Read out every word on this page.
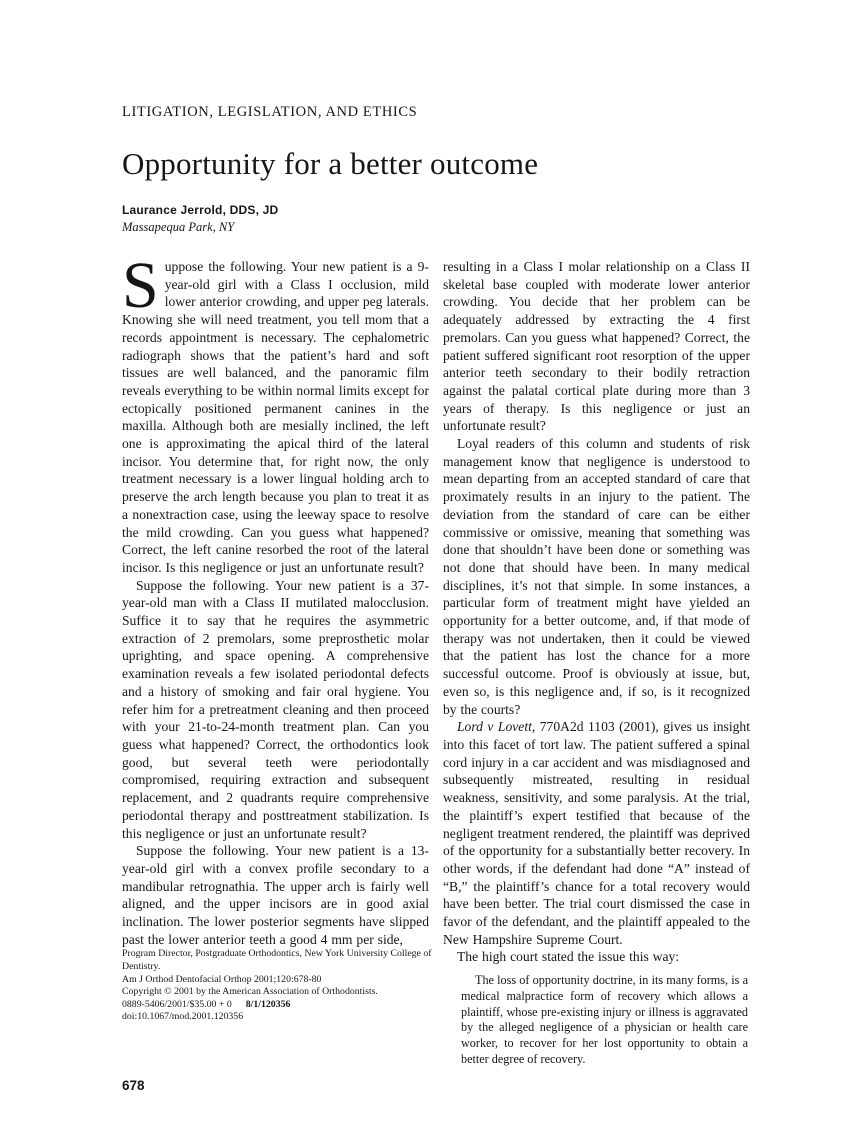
LITIGATION, LEGISLATION, AND ETHICS
Opportunity for a better outcome
Laurance Jerrold, DDS, JD
Massapequa Park, NY

Suppose the following. Your new patient is a 9-year-old girl with a Class I occlusion, mild lower anterior crowding, and upper peg laterals. Knowing she will need treatment, you tell mom that a records appointment is necessary. The cephalometric radiograph shows that the patient’s hard and soft tissues are well balanced, and the panoramic film reveals everything to be within normal limits except for ectopically positioned permanent canines in the maxilla. Although both are mesially inclined, the left one is approximating the apical third of the lateral incisor. You determine that, for right now, the only treatment necessary is a lower lingual holding arch to preserve the arch length because you plan to treat it as a nonextraction case, using the leeway space to resolve the mild crowding. Can you guess what happened? Correct, the left canine resorbed the root of the lateral incisor. Is this negligence or just an unfortunate result?

Suppose the following. Your new patient is a 37-year-old man with a Class II mutilated malocclusion. Suffice it to say that he requires the asymmetric extraction of 2 premolars, some preprosthetic molar uprighting, and space opening. A comprehensive examination reveals a few isolated periodontal defects and a history of smoking and fair oral hygiene. You refer him for a pretreatment cleaning and then proceed with your 21-to-24-month treatment plan. Can you guess what happened? Correct, the orthodontics look good, but several teeth were periodontally compromised, requiring extraction and subsequent replacement, and 2 quadrants require comprehensive periodontal therapy and posttreatment stabilization. Is this negligence or just an unfortunate result?

Suppose the following. Your new patient is a 13-year-old girl with a convex profile secondary to a mandibular retrognathia. The upper arch is fairly well aligned, and the upper incisors are in good axial inclination. The lower posterior segments have slipped past the lower anterior teeth a good 4 mm per side,

Program Director, Postgraduate Orthodontics, New York University College of Dentistry.
Am J Orthod Dentofacial Orthop 2001;120:678-80
Copyright © 2001 by the American Association of Orthodontists.
0889-5406/2001/$35.00 + 0 8/1/120356
doi:10.1067/mod.2001.120356

resulting in a Class I molar relationship on a Class II skeletal base coupled with moderate lower anterior crowding. You decide that her problem can be adequately addressed by extracting the 4 first premolars. Can you guess what happened? Correct, the patient suffered significant root resorption of the upper anterior teeth secondary to their bodily retraction against the palatal cortical plate during more than 3 years of therapy. Is this negligence or just an unfortunate result?

Loyal readers of this column and students of risk management know that negligence is understood to mean departing from an accepted standard of care that proximately results in an injury to the patient. The deviation from the standard of care can be either commissive or omissive, meaning that something was done that shouldn’t have been done or something was not done that should have been. In many medical disciplines, it’s not that simple. In some instances, a particular form of treatment might have yielded an opportunity for a better outcome, and, if that mode of therapy was not undertaken, then it could be viewed that the patient has lost the chance for a more successful outcome. Proof is obviously at issue, but, even so, is this negligence and, if so, is it recognized by the courts?

Lord v Lovett, 770A2d 1103 (2001), gives us insight into this facet of tort law. The patient suffered a spinal cord injury in a car accident and was misdiagnosed and subsequently mistreated, resulting in residual weakness, sensitivity, and some paralysis. At the trial, the plaintiff’s expert testified that because of the negligent treatment rendered, the plaintiff was deprived of the opportunity for a substantially better recovery. In other words, if the defendant had done “A” instead of “B,” the plaintiff’s chance for a total recovery would have been better. The trial court dismissed the case in favor of the defendant, and the plaintiff appealed to the New Hampshire Supreme Court.

The high court stated the issue this way:

The loss of opportunity doctrine, in its many forms, is a medical malpractice form of recovery which allows a plaintiff, whose pre-existing injury or illness is aggravated by the alleged negligence of a physician or health care worker, to recover for her lost opportunity to obtain a better degree of recovery.
678
